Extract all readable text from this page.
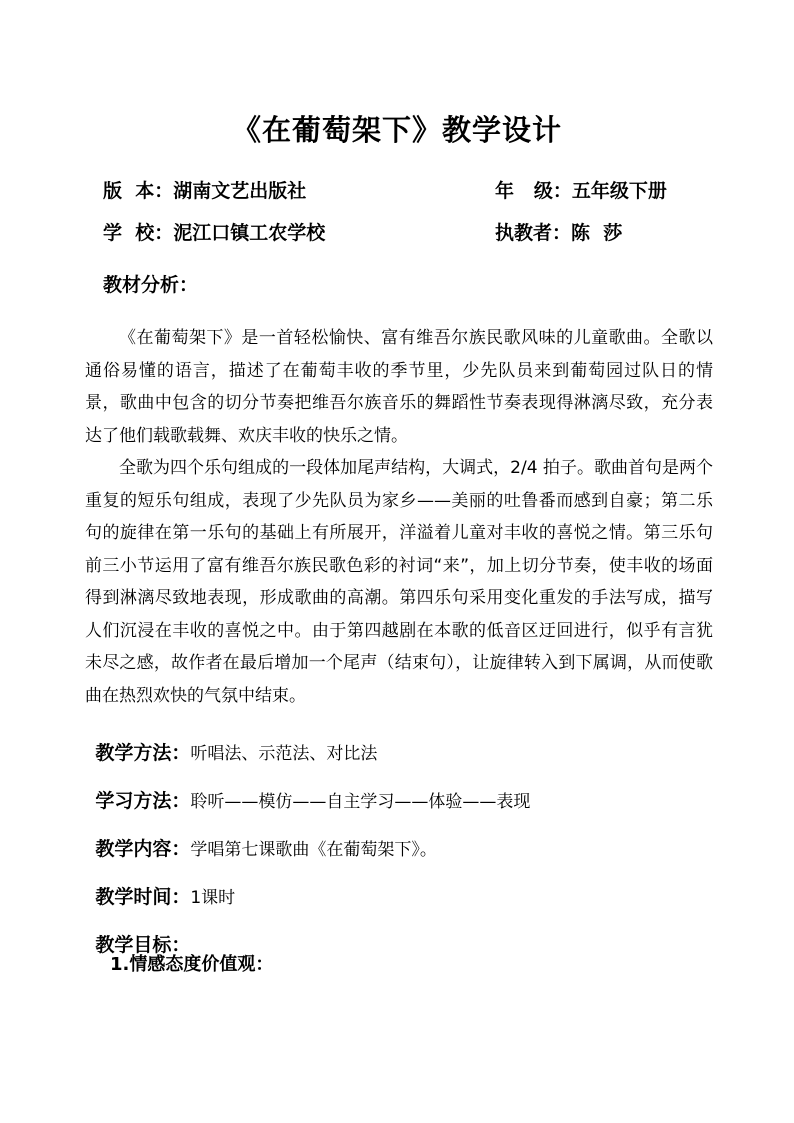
《在葡萄架下》教学设计
版  本：湖南文艺出版社	年   级：五年级下册
学  校：泥江口镇工农学校	执教者：陈  莎
教材分析：

《在葡萄架下》是一首轻松愉快、富有维吾尔族民歌风味的儿童歌曲。全歌以通俗易懂的语言，描述了在葡萄丰收的季节里，少先队员来到葡萄园过队日的情景，歌曲中包含的切分节奏把维吾尔族音乐的舞蹈性节奏表现得淋漓尽致，充分表达了他们载歌载舞、欢庆丰收的快乐之情。

全歌为四个乐句组成的一段体加尾声结构，大调式，2/4 拍子。歌曲首句是两个重复的短乐句组成，表现了少先队员为家乡——美丽的吐鲁番而感到自豪；第二乐句的旋律在第一乐句的基础上有所展开，洋溢着儿童对丰收的喜悦之情。第三乐句前三小节运用了富有维吾尔族民歌色彩的衬词“来”，加上切分节奏，使丰收的场面得到淋漓尽致地表现，形成歌曲的高潮。第四乐句采用变化重发的手法写成，描写人们沉浸在丰收的喜悦之中。由于第四越剧在本歌的低音区迂回进行，似乎有言犹未尽之感，故作者在最后增加一个尾声（结束句），让旋律转入到下属调，从而使歌曲在热烈欢快的气氛中结束。

教学方法：听唱法、示范法、对比法

学习方法：聆听——模仿——自主学习——体验——表现

教学内容：学唱第七课歌曲《在葡萄架下》。

教学时间：1课时

教学目标：

1.情感态度价值观：
